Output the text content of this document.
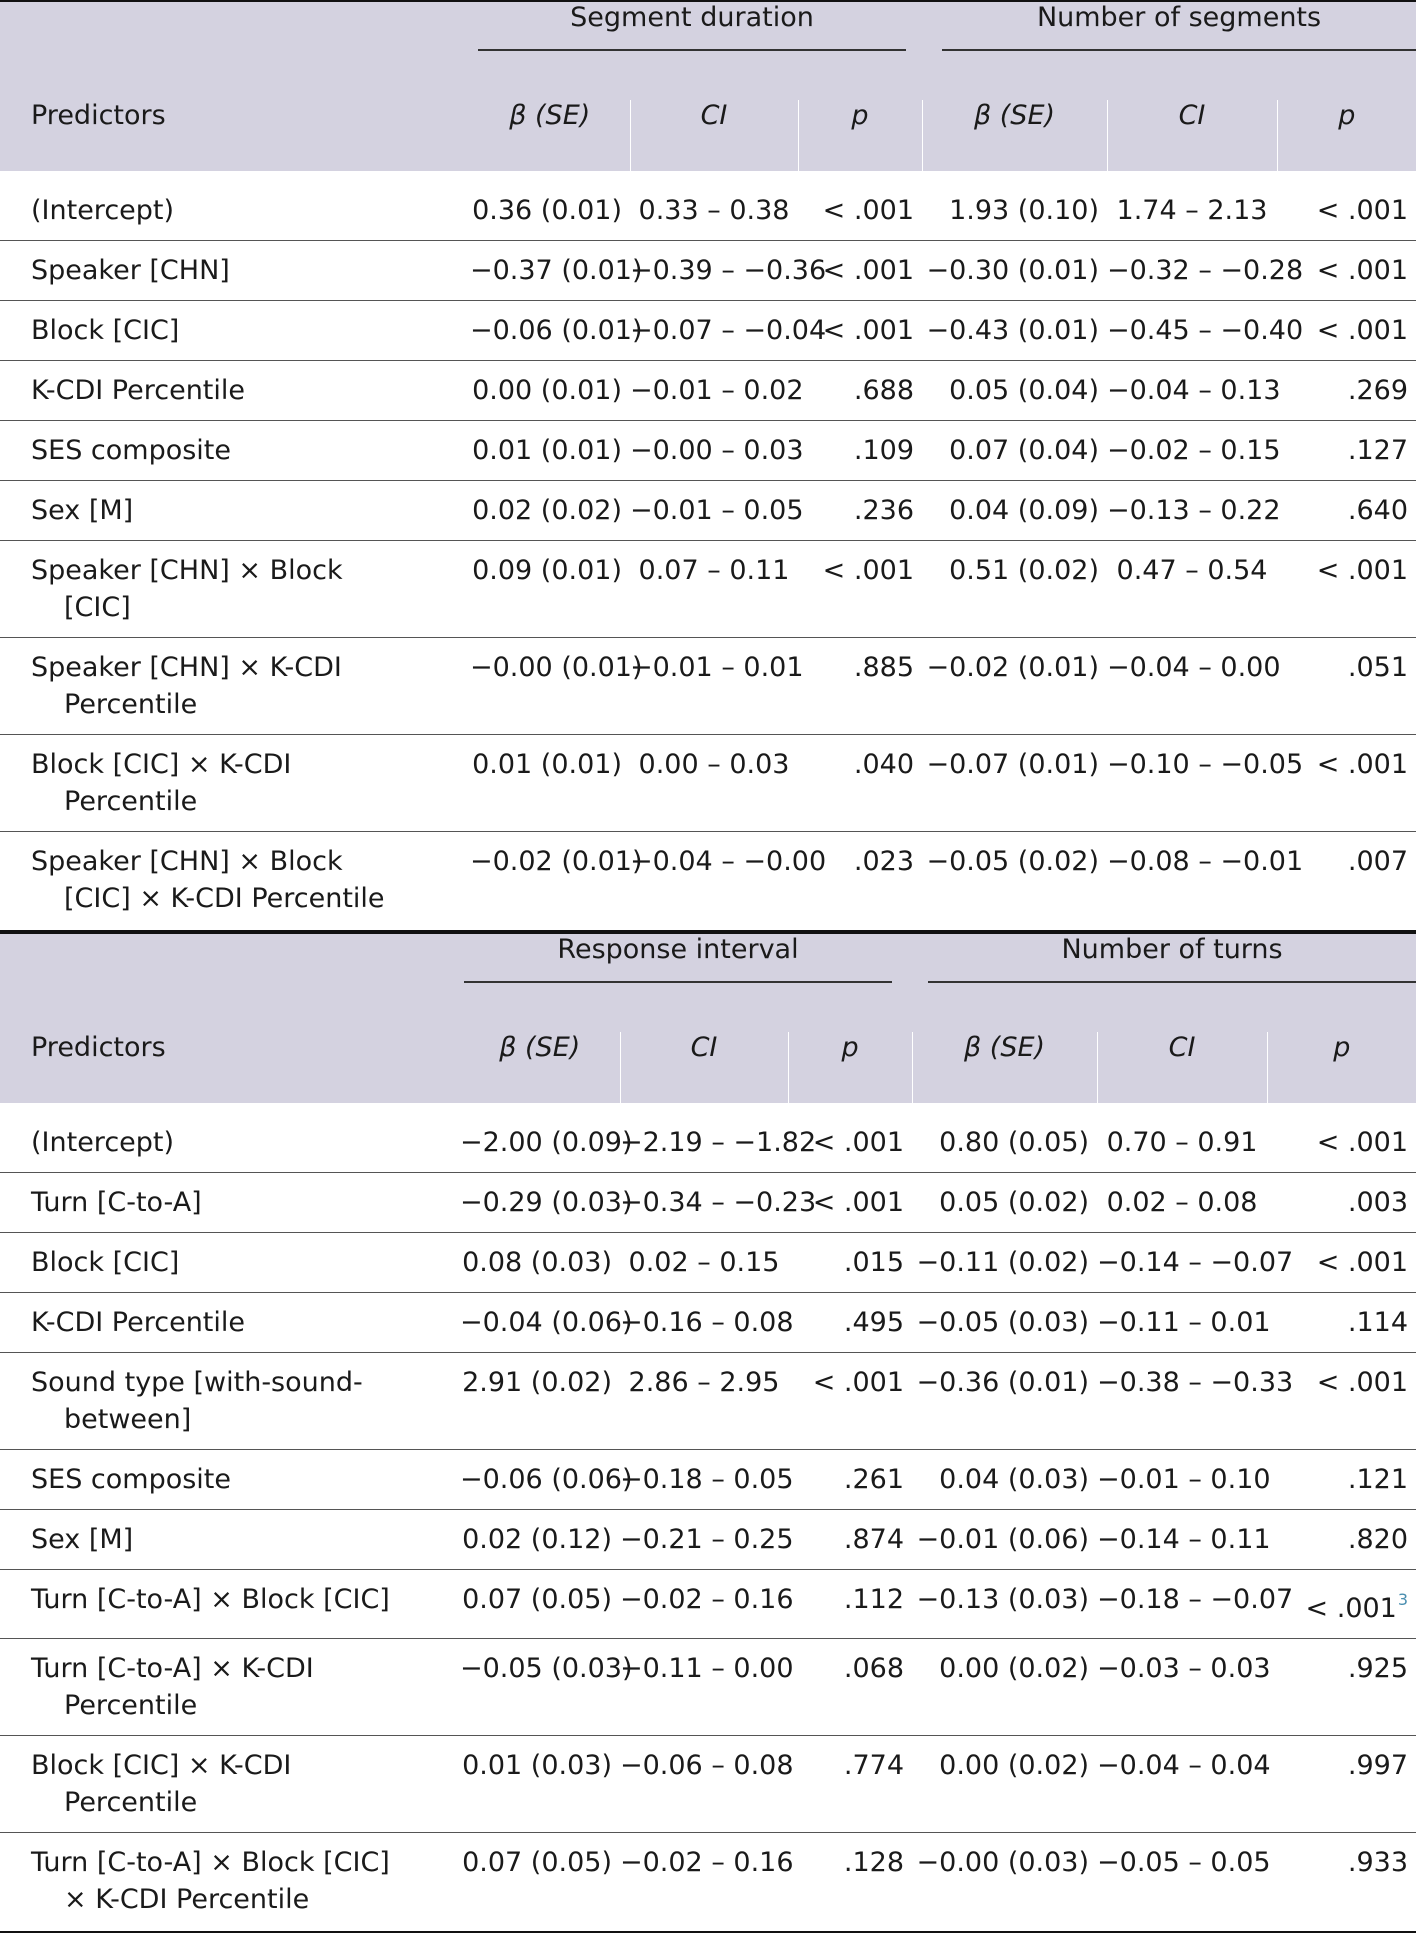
	Segment duration			Number of segments		

Predictors	β (SE)	CI	p	β (SE)	CI	p

(Intercept)	0.36 (0.01)	0.33 – 0.38	< .001	1.93 (0.10)	1.74 – 2.13	< .001
Speaker [CHN]	−0.37 (0.01)	−0.39 – −0.36	< .001	−0.30 (0.01)	−0.32 – −0.28	< .001
Block [CIC]	−0.06 (0.01)	−0.07 – −0.04	< .001	−0.43 (0.01)	−0.45 – −0.40	< .001
K-CDI Percentile	0.00 (0.01)	−0.01 – 0.02	.688	0.05 (0.04)	−0.04 – 0.13	.269
SES composite	0.01 (0.01)	−0.00 – 0.03	.109	0.07 (0.04)	−0.02 – 0.15	.127
Sex [M]	0.02 (0.02)	−0.01 – 0.05	.236	0.04 (0.09)	−0.13 – 0.22	.640
Speaker [CHN] × Block
[CIC]	0.09 (0.01)	0.07 – 0.11	< .001	0.51 (0.02)	0.47 – 0.54	< .001
Speaker [CHN] × K-CDI
Percentile	−0.00 (0.01)	−0.01 – 0.01	.885	−0.02 (0.01)	−0.04 – 0.00	.051
Block [CIC] × K-CDI
Percentile	0.01 (0.01)	0.00 – 0.03	.040	−0.07 (0.01)	−0.10 – −0.05	< .001
Speaker [CHN] × Block
[CIC] × K-CDI Percentile	−0.02 (0.01)	−0.04 – −0.00	.023	−0.05 (0.02)	−0.08 – −0.01	.007

	Response interval			Number of turns		

Predictors	β (SE)	CI	p	β (SE)	CI	p

(Intercept)	−2.00 (0.09)	−2.19 – −1.82	< .001	0.80 (0.05)	0.70 – 0.91	< .001
Turn [C-to-A]	−0.29 (0.03)	−0.34 – −0.23	< .001	0.05 (0.02)	0.02 – 0.08	.003
Block [CIC]	0.08 (0.03)	0.02 – 0.15	.015	−0.11 (0.02)	−0.14 – −0.07	< .001
K-CDI Percentile	−0.04 (0.06)	−0.16 – 0.08	.495	−0.05 (0.03)	−0.11 – 0.01	.114
Sound type [with-sound-
between]	2.91 (0.02)	2.86 – 2.95	< .001	−0.36 (0.01)	−0.38 – −0.33	< .001
SES composite	−0.06 (0.06)	−0.18 – 0.05	.261	0.04 (0.03)	−0.01 – 0.10	.121
Sex [M]	0.02 (0.12)	−0.21 – 0.25	.874	−0.01 (0.06)	−0.14 – 0.11	.820
Turn [C-to-A] × Block [CIC]	0.07 (0.05)	−0.02 – 0.16	.112	−0.13 (0.03)	−0.18 – −0.07	< $.001^3$
Turn [C-to-A] × K-CDI
Percentile	−0.05 (0.03)	−0.11 – 0.00	.068	0.00 (0.02)	−0.03 – 0.03	.925
Block [CIC] × K-CDI
Percentile	0.01 (0.03)	−0.06 – 0.08	.774	0.00 (0.02)	−0.04 – 0.04	.997
Turn [C-to-A] × Block [CIC]
× K-CDI Percentile	0.07 (0.05)	−0.02 – 0.16	.128	−0.00 (0.03)	−0.05 – 0.05	.933
